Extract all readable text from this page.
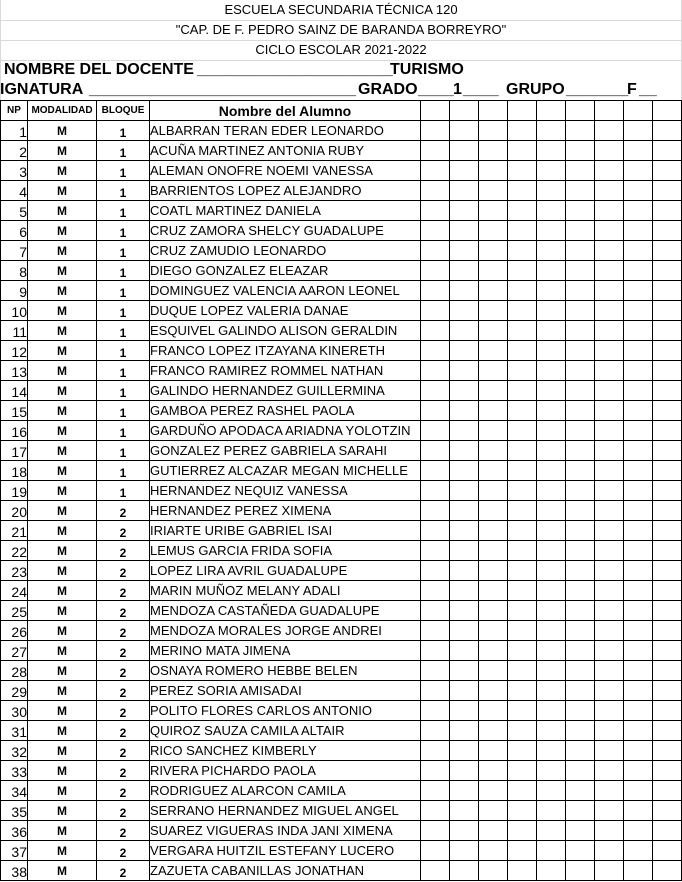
ESCUELA SECUNDARIA TÉCNICA 120
"CAP. DE F. PEDRO SAINZ DE BARANDA BORREYRO"
CICLO ESCOLAR 2021-2022
NOMBRE DEL DOCENTE ______________________
TURISMO
IGNATURA ______________________________ GRADO ____ 1 ____ GRUPO _______
F __
NP	MODALIDAD	BLOQUE	Nombre del Alumno									
1	M	1	ALBARRAN TERAN EDER LEONARDO									
2	M	1	ACUÑA MARTINEZ ANTONIA RUBY									
3	M	1	ALEMAN ONOFRE NOEMI VANESSA									
4	M	1	BARRIENTOS LOPEZ ALEJANDRO									
5	M	1	COATL MARTINEZ DANIELA									
6	M	1	CRUZ ZAMORA SHELCY GUADALUPE									
7	M	1	CRUZ ZAMUDIO LEONARDO									
8	M	1	DIEGO GONZALEZ ELEAZAR									
9	M	1	DOMINGUEZ VALENCIA AARON LEONEL									
10	M	1	DUQUE LOPEZ VALERIA DANAE									
11	M	1	ESQUIVEL GALINDO ALISON GERALDIN									
12	M	1	FRANCO LOPEZ ITZAYANA KINERETH									
13	M	1	FRANCO RAMIREZ ROMMEL NATHAN									
14	M	1	GALINDO HERNANDEZ GUILLERMINA									
15	M	1	GAMBOA PEREZ RASHEL PAOLA									
16	M	1	GARDUÑO APODACA ARIADNA YOLOTZIN									
17	M	1	GONZALEZ PEREZ GABRIELA SARAHI									
18	M	1	GUTIERREZ ALCAZAR MEGAN MICHELLE									
19	M	1	HERNANDEZ NEQUIZ VANESSA									
20	M	2	HERNANDEZ PEREZ XIMENA									
21	M	2	IRIARTE URIBE GABRIEL ISAI									
22	M	2	LEMUS GARCIA FRIDA SOFIA									
23	M	2	LOPEZ LIRA AVRIL GUADALUPE									
24	M	2	MARIN MUÑOZ MELANY ADALI									
25	M	2	MENDOZA CASTAÑEDA GUADALUPE									
26	M	2	MENDOZA MORALES JORGE ANDREI									
27	M	2	MERINO MATA JIMENA									
28	M	2	OSNAYA ROMERO HEBBE BELEN									
29	M	2	PEREZ SORIA AMISADAI									
30	M	2	POLITO FLORES CARLOS ANTONIO									
31	M	2	QUIROZ SAUZA CAMILA ALTAIR									
32	M	2	RICO SANCHEZ KIMBERLY									
33	M	2	RIVERA PICHARDO PAOLA									
34	M	2	RODRIGUEZ ALARCON CAMILA									
35	M	2	SERRANO HERNANDEZ MIGUEL ANGEL									
36	M	2	SUAREZ VIGUERAS INDA JANI XIMENA									
37	M	2	VERGARA HUITZIL ESTEFANY LUCERO									
38	M	2	ZAZUETA CABANILLAS JONATHAN									
